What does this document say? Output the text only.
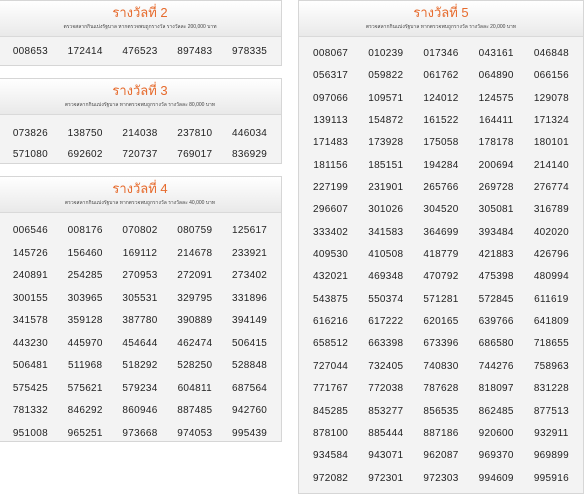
รางวัลที่ 2
ตรวจสลากกินแบ่งรัฐบาล หากตรวจพบถูกรางวัล รางวัลละ 200,000 บาท
008653	172414	476523	897483	978335
รางวัลที่ 3
ตรวจสลากกินแบ่งรัฐบาล หากตรวจพบถูกรางวัล รางวัลละ 80,000 บาท
073826	138750	214038	237810	446034
571080	692602	720737	769017	836929
รางวัลที่ 4
ตรวจสลากกินแบ่งรัฐบาล หากตรวจพบถูกรางวัล รางวัลละ 40,000 บาท
006546	008176	070802	080759	125617
145726	156460	169112	214678	233921
240891	254285	270953	272091	273402
300155	303965	305531	329795	331896
341578	359128	387780	390889	394149
443230	445970	454644	462474	506415
506481	511968	518292	528250	528848
575425	575621	579234	604811	687564
781332	846292	860946	887485	942760
951008	965251	973668	974053	995439
รางวัลที่ 5
ตรวจสลากกินแบ่งรัฐบาล หากตรวจพบถูกรางวัล รางวัลละ 20,000 บาท
008067	010239	017346	043161	046848
056317	059822	061762	064890	066156
097066	109571	124012	124575	129078
139113	154872	161522	164411	171324
171483	173928	175058	178178	180101
181156	185151	194284	200694	214140
227199	231901	265766	269728	276774
296607	301026	304520	305081	316789
333402	341583	364699	393484	402020
409530	410508	418779	421883	426796
432021	469348	470792	475398	480994
543875	550374	571281	572845	611619
616216	617222	620165	639766	641809
658512	663398	673396	686580	718655
727044	732405	740830	744276	758963
771767	772038	787628	818097	831228
845285	853277	856535	862485	877513
878100	885444	887186	920600	932911
934584	943071	962087	969370	969899
972082	972301	972303	994609	995916
